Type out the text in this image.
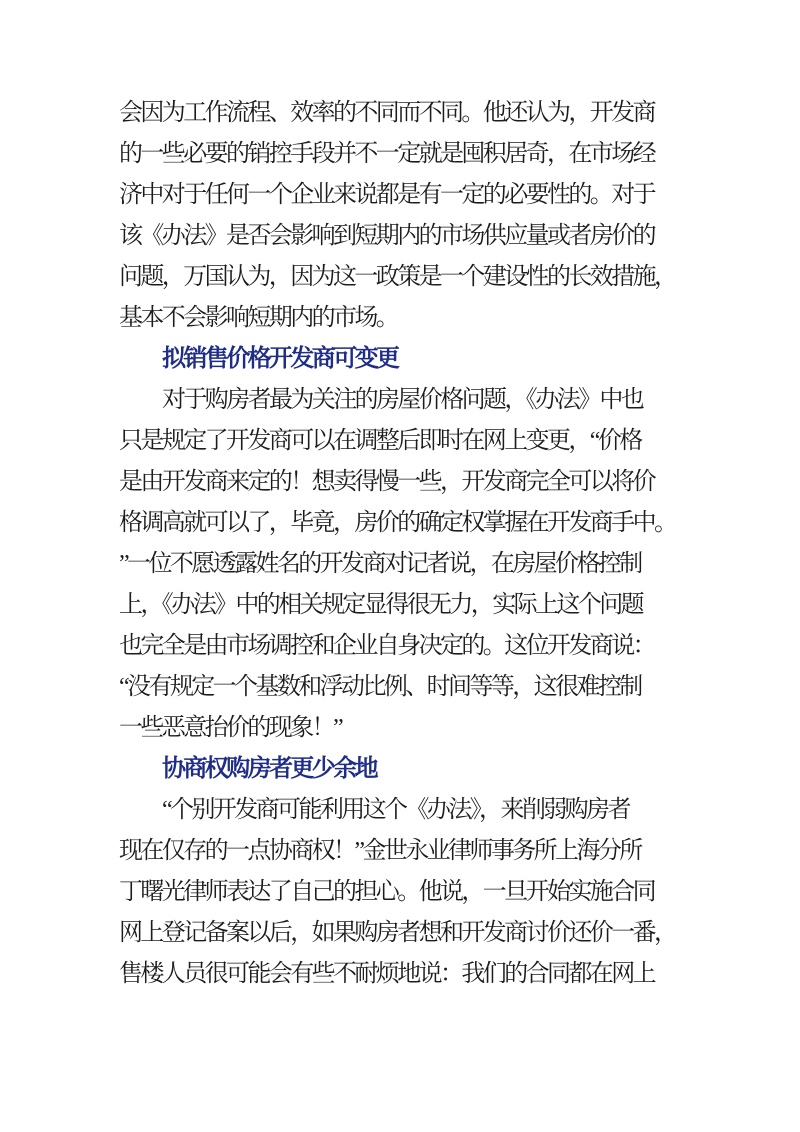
会因为工作流程、效率的不同而不同。他还认为，开发商
的一些必要的销控手段并不一定就是囤积居奇，在市场经
济中对于任何一个企业来说都是有一定的必要性的。对于
该《办法》是否会影响到短期内的市场供应量或者房价的
问题，万国认为，因为这一政策是一个建设性的长效措施，
基本不会影响短期内的市场。
拟销售价格开发商可变更
对于购房者最为关注的房屋价格问题，《办法》中也
只是规定了开发商可以在调整后即时在网上变更，“价格
是由开发商来定的！想卖得慢一些，开发商完全可以将价
格调高就可以了，毕竟，房价的确定权掌握在开发商手中。
”一位不愿透露姓名的开发商对记者说，在房屋价格控制
上，《办法》中的相关规定显得很无力，实际上这个问题
也完全是由市场调控和企业自身决定的。这位开发商说：
“没有规定一个基数和浮动比例、时间等等，这很难控制
一些恶意抬价的现象！”
协商权购房者更少余地
“个别开发商可能利用这个《办法》，来削弱购房者
现在仅存的一点协商权！”金世永业律师事务所上海分所
丁曙光律师表达了自己的担心。他说，一旦开始实施合同
网上登记备案以后，如果购房者想和开发商讨价还价一番，
售楼人员很可能会有些不耐烦地说：我们的合同都在网上
